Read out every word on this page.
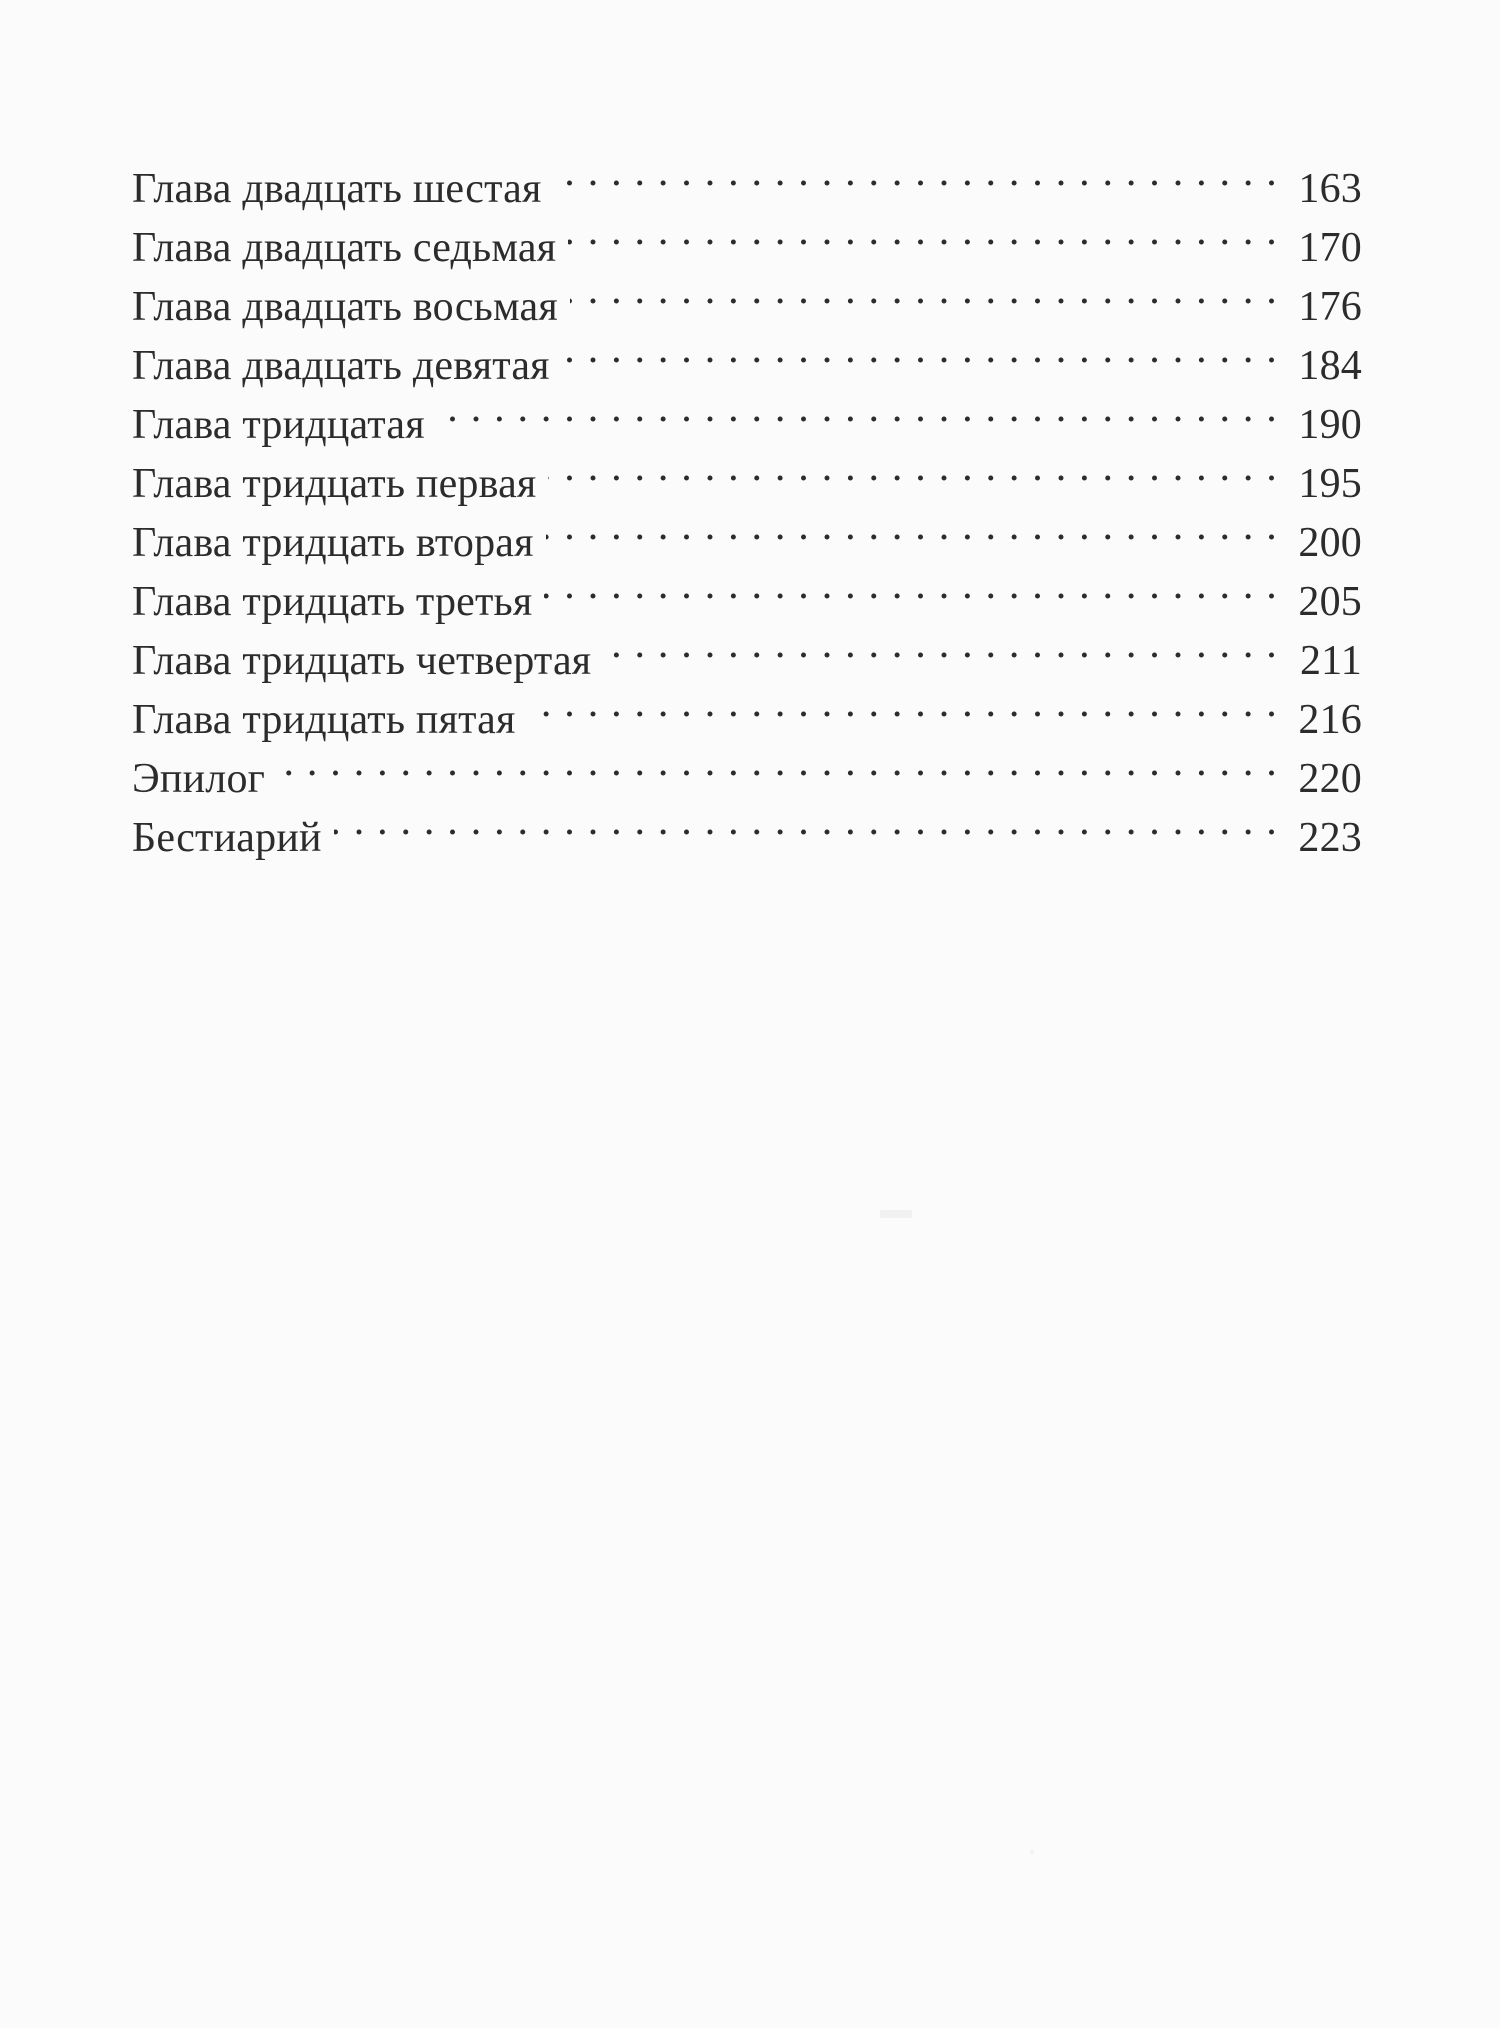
Глава двадцать шестая . . .	163
Глава двадцать седьмая . . .	170
Глава двадцать восьмая . . .	176
Глава двадцать девятая . . .	184
Глава тридцатая . . .	190
Глава тридцать первая . . .	195
Глава тридцать вторая . . .	200
Глава тридцать третья . . .	205
Глава тридцать четвертая . . .	211
Глава тридцать пятая . . .	216
Эпилог . . .	220
Бестиарий . . .	223
